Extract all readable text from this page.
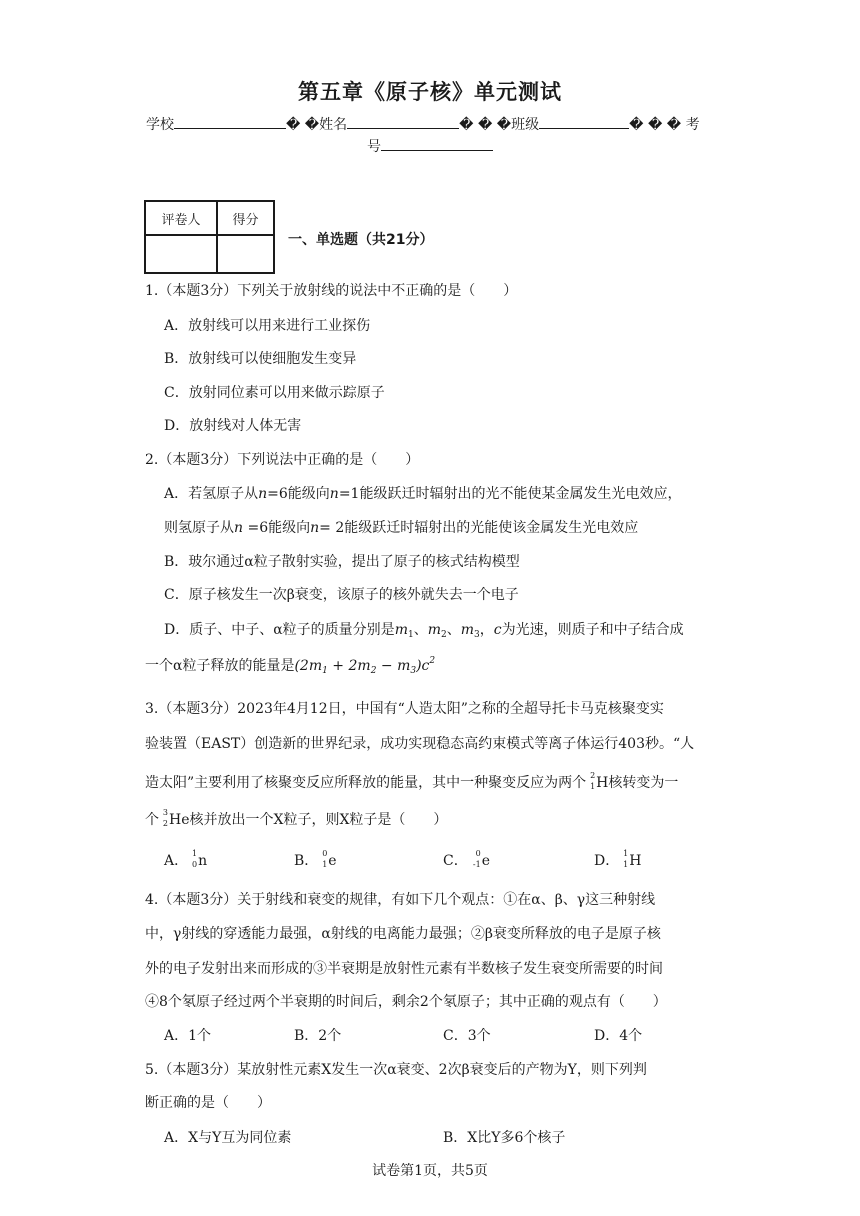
第五章《原子核》单元测试
学校	� �姓名	� � �班级	� � � 考
号
评卷人	得分

一、单选题（共21分）
1.（本题3分）下列关于放射线的说法中不正确的是（　　）
A．放射线可以用来进行工业探伤
B．放射线可以使细胞发生变异
C．放射同位素可以用来做示踪原子
D．放射线对人体无害
2.（本题3分）下列说法中正确的是（　　）
A．若氢原子从n=6能级向n=1能级跃迁时辐射出的光不能使某金属发生光电效应，
则氢原子从n =6能级向n= 2能级跃迁时辐射出的光能使该金属发生光电效应
B．玻尔通过α粒子散射实验，提出了原子的核式结构模型
C．原子核发生一次β衰变，该原子的核外就失去一个电子
D．质子、中子、α粒子的质量分别是$m_1$、$m_2$、$m_3$，c为光速，则质子和中子结合成
一个α粒子释放的能量是$(2m_1 + 2m_2 - m_3)c^2$
3.（本题3分）2023年4月12日，中国有“人造太阳”之称的全超导托卡马克核聚变实
验装置（EAST）创造新的世界纪录，成功实现稳态高约束模式等离子体运行403秒。“人
造太阳”主要利用了核聚变反应所释放的能量，其中一种聚变反应为两个 2
1 H核转变为一
个 3
2 He核并放出一个X粒子，则X粒子是（　　）
A． 1
0 n	B． 0
1 e	C． 0
-1 e	D． 1
1 H
4.（本题3分）关于射线和衰变的规律，有如下几个观点：①在α、β、γ这三种射线
中，γ射线的穿透能力最强，α射线的电离能力最强；②β衰变所释放的电子是原子核
外的电子发射出来而形成的③半衰期是放射性元素有半数核子发生衰变所需要的时间
④8个氡原子经过两个半衰期的时间后，剩余2个氡原子；其中正确的观点有（　　）
A．1个	B．2个	C．3个	D．4个
5.（本题3分）某放射性元素X发生一次α衰变、2次β衰变后的产物为Y，则下列判
断正确的是（　　）
A．X与Y互为同位素	B．X比Y多6个核子
试卷第1页，共5页
